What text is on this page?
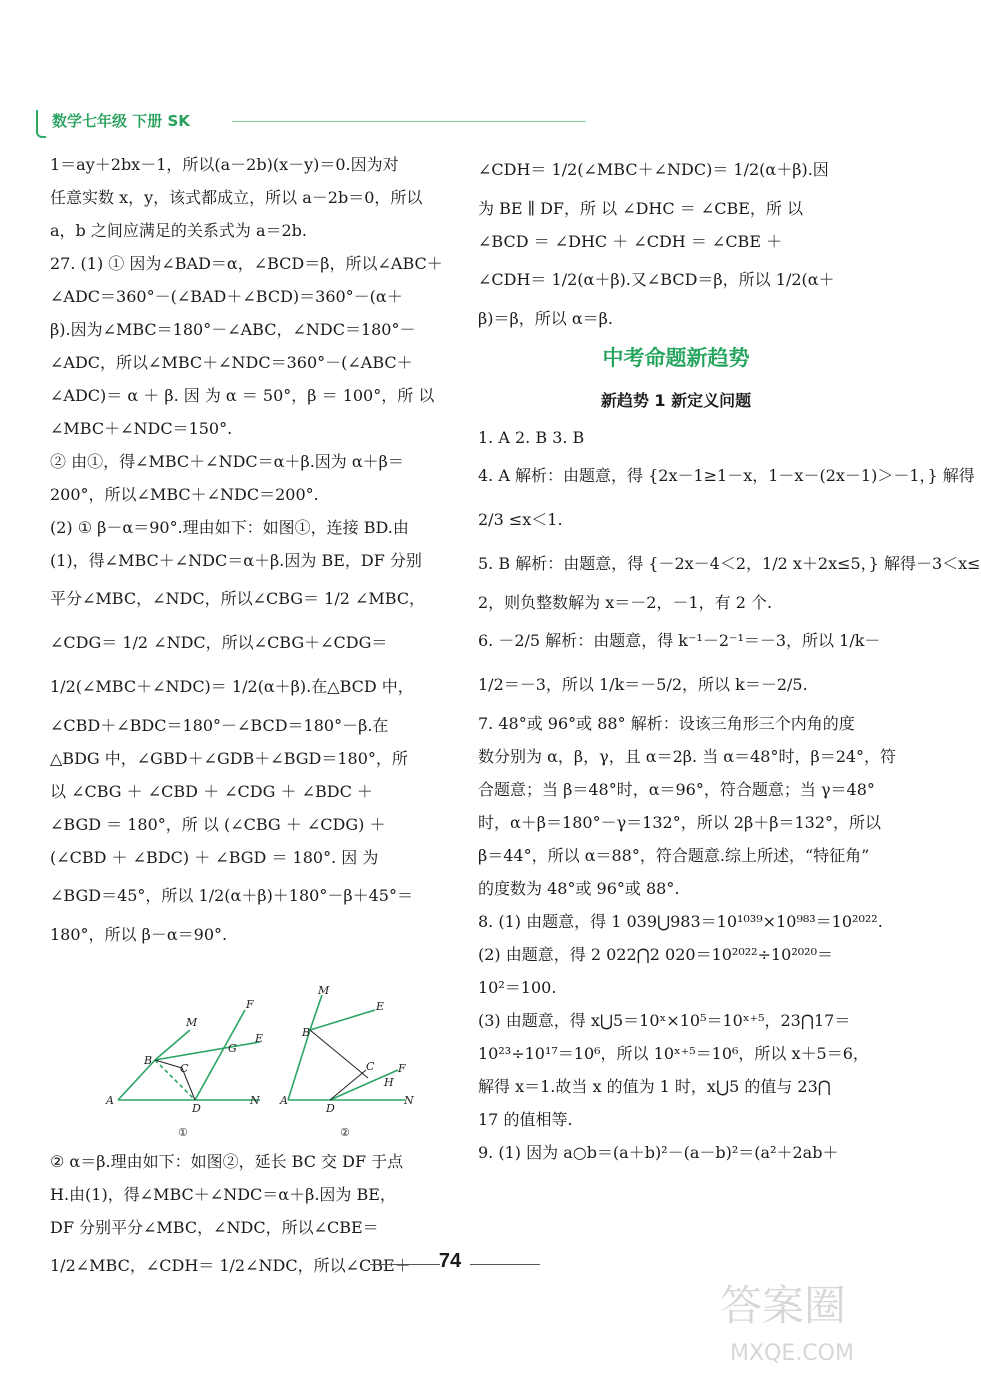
数学七年级 下册 SK
1＝ay＋2bx－1，所以(a－2b)(x－y)＝0.因为对
任意实数 x，y，该式都成立，所以 a－2b＝0，所以
a，b 之间应满足的关系式为 a＝2b.
27. (1) ① 因为∠BAD＝α，∠BCD＝β，所以∠ABC＋
∠ADC＝360°－(∠BAD＋∠BCD)＝360°－(α＋
β).因为∠MBC＝180°－∠ABC，∠NDC＝180°－
∠ADC，所以∠MBC＋∠NDC＝360°－(∠ABC＋
∠ADC)＝ α ＋ β. 因 为 α ＝ 50°，β ＝ 100°，所 以
∠MBC＋∠NDC＝150°.
② 由①，得∠MBC＋∠NDC＝α＋β.因为 α＋β＝
200°，所以∠MBC＋∠NDC＝200°.
(2) ① β－α＝90°.理由如下：如图①，连接 BD.由
(1)，得∠MBC＋∠NDC＝α＋β.因为 BE，DF 分别
平分∠MBC，∠NDC，所以∠CBG＝ 1/2 ∠MBC，
∠CDG＝ 1/2 ∠NDC，所以∠CBG＋∠CDG＝
1/2(∠MBC＋∠NDC)＝ 1/2(α＋β).在△BCD 中，
∠CBD＋∠BDC＝180°－∠BCD＝180°－β.在
△BDG 中，∠GBD＋∠GDB＋∠BGD＝180°，所
以 ∠CBG ＋ ∠CBD ＋ ∠CDG ＋ ∠BDC ＋
∠BGD ＝ 180°，所 以 (∠CBG ＋ ∠CDG) ＋
(∠CBD ＋ ∠BDC) ＋ ∠BGD ＝ 180°. 因 为
∠BGD＝45°，所以 1/2(α＋β)＋180°－β＋45°＝
180°，所以 β－α＝90°.
A
B
C
D
M
F
E
G
N
①
A
B
C
D
M
E
F
H
N
②
② α＝β.理由如下：如图②，延长 BC 交 DF 于点
H.由(1)，得∠MBC＋∠NDC＝α＋β.因为 BE，
DF 分别平分∠MBC，∠NDC，所以∠CBE＝
1/2∠MBC，∠CDH＝ 1/2∠NDC，所以∠CBE＋
∠CDH＝ 1/2(∠MBC＋∠NDC)＝ 1/2(α＋β).因
为 BE ∥ DF，所 以 ∠DHC ＝ ∠CBE，所 以
∠BCD ＝ ∠DHC ＋ ∠CDH ＝ ∠CBE ＋
∠CDH＝ 1/2(α＋β).又∠BCD＝β，所以 1/2(α＋
β)＝β，所以 α＝β.
中考命题新趋势
新趋势 1 新定义问题
1. A 2. B 3. B
4. A 解析：由题意，得 {2x－1≥1－x，1－x－(2x－1)＞－1，} 解得
2/3 ≤x＜1.
5. B 解析：由题意，得 {－2x－4＜2，1/2 x＋2x≤5，} 解得－3＜x≤
2，则负整数解为 x＝－2，－1，有 2 个.
6. －2/5 解析：由题意，得 k⁻¹－2⁻¹＝－3，所以 1/k－
1/2＝－3，所以 1/k＝－5/2，所以 k＝－2/5.
7. 48°或 96°或 88° 解析：设该三角形三个内角的度
数分别为 α，β，γ，且 α＝2β. 当 α＝48°时，β＝24°，符
合题意；当 β＝48°时，α＝96°，符合题意；当 γ＝48°
时，α＋β＝180°－γ＝132°，所以 2β＋β＝132°，所以
β＝44°，所以 α＝88°，符合题意.综上所述，“特征角”
的度数为 48°或 96°或 88°.
8. (1) 由题意，得 1 039⋃983＝10¹⁰³⁹×10⁹⁸³＝10²⁰²².
(2) 由题意，得 2 022⋂2 020＝10²⁰²²÷10²⁰²⁰＝
10²＝100.
(3) 由题意，得 x⋃5＝10ˣ×10⁵＝10ˣ⁺⁵，23⋂17＝
10²³÷10¹⁷＝10⁶，所以 10ˣ⁺⁵＝10⁶，所以 x＋5＝6，
解得 x＝1.故当 x 的值为 1 时，x⋃5 的值与 23⋂
17 的值相等.
9. (1) 因为 a○b＝(a＋b)²－(a－b)²＝(a²＋2ab＋
74
答案圈
MXQE.COM
